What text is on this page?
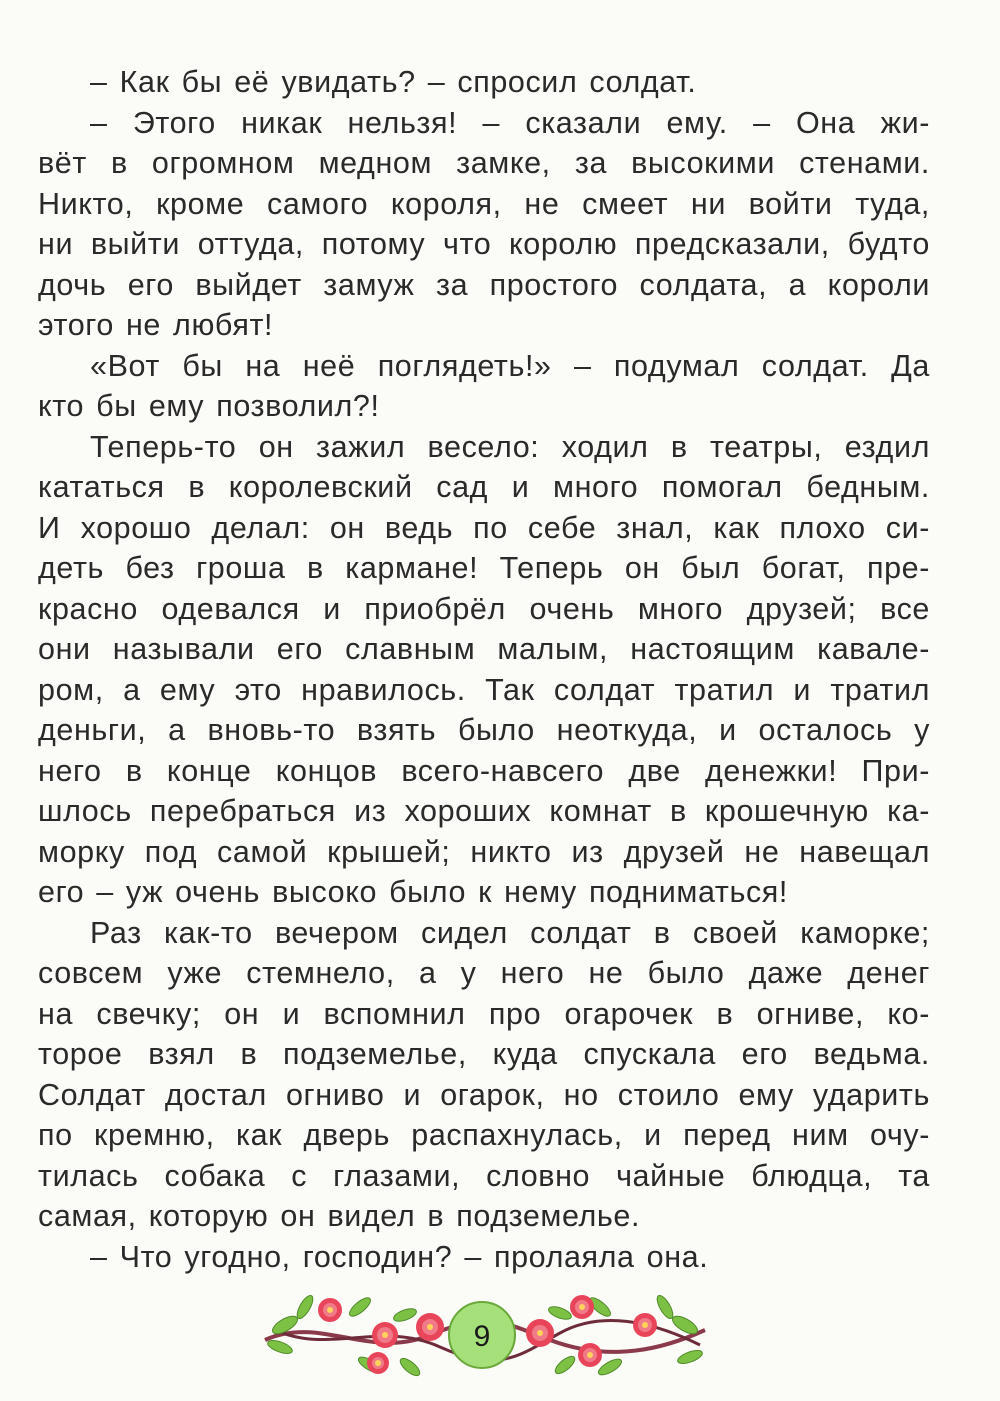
– Как бы её увидать? – спросил солдат.

– Этого никак нельзя! – сказали ему. – Она жи-
вёт в огромном медном замке, за высокими стенами.
Никто, кроме самого короля, не смеет ни войти туда,
ни выйти оттуда, потому что королю предсказали, будто
дочь его выйдет замуж за простого солдата, а короли
этого не любят!

«Вот бы на неё поглядеть!» – подумал солдат. Да
кто бы ему позволил?!

Теперь-то он зажил весело: ходил в театры, ездил
кататься в королевский сад и много помогал бедным.
И хорошо делал: он ведь по себе знал, как плохо си-
деть без гроша в кармане! Теперь он был богат, пре-
красно одевался и приобрёл очень много друзей; все
они называли его славным малым, настоящим кавале-
ром, а ему это нравилось. Так солдат тратил и тратил
деньги, а вновь-то взять было неоткуда, и осталось у
него в конце концов всего-навсего две денежки! При-
шлось перебраться из хороших комнат в крошечную ка-
морку под самой крышей; никто из друзей не навещал
его – уж очень высоко было к нему подниматься!

Раз как-то вечером сидел солдат в своей каморке;
совсем уже стемнело, а у него не было даже денег
на свечку; он и вспомнил про огарочек в огниве, ко-
торое взял в подземелье, куда спускала его ведьма.
Солдат достал огниво и огарок, но стоило ему ударить
по кремню, как дверь распахнулась, и перед ним очу-
тилась собака с глазами, словно чайные блюдца, та
самая, которую он видел в подземелье.

– Что угодно, господин? – пролаяла она.

9
